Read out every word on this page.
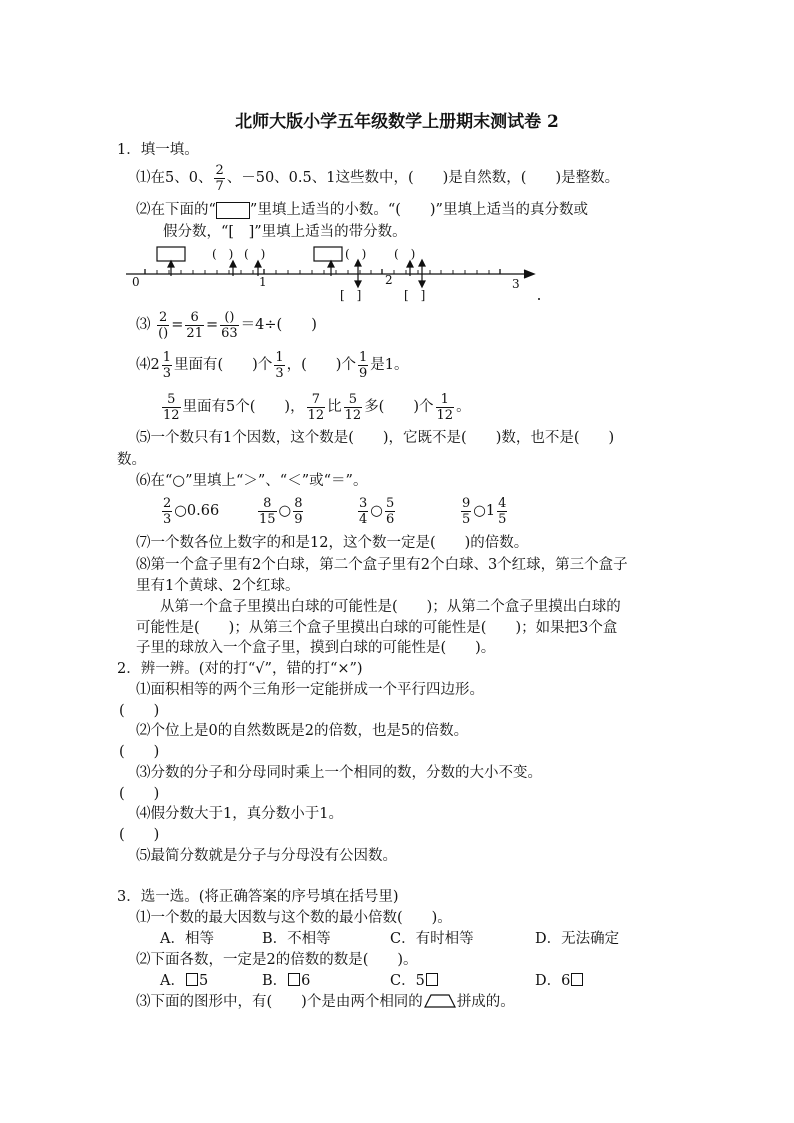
北师大版小学五年级数学上册期末测试卷 2
1．填一填。
⑴在5、0、 $\frac{2}{7}$ 、－50、0.5、1这些数中，(　　)是自然数，(　　)是整数。
⑵在下面的“ ”里填上适当的小数。“(　　)”里填上适当的真分数或
假分数，“[　]”里填上适当的带分数。
0	1	2	3
(　) (　)	(　) (　)
[　]	[　]
⑶ $\frac{2}{()} = \frac{6}{21} = \frac{()}{63} =4\div$(　　)
⑷2 $\frac{1}{3}$ 里面有(　　)个 $\frac{1}{3}$ ，(　　)个 $\frac{1}{9}$ 是1。
$\frac{5}{12}$ 里面有5个(　　)， $\frac{7}{12}$ 比 $\frac{5}{12}$ 多(　　)个 $\frac{1}{12}$ 。
⑸一个数只有1个因数，这个数是(　　)，它既不是(　　)数，也不是(　　)
数。
⑹在“○”里填上“＞”、“＜”或“＝”。
$\frac{2}{3}$ ○0.66	$\frac{8}{15}$ ○ $\frac{8}{9}$	$\frac{3}{4}$ ○ $\frac{5}{6}$	$\frac{9}{5}$ ○1 $\frac{4}{5}$
⑺一个数各位上数字的和是12，这个数一定是(　　)的倍数。
⑻第一个盒子里有2个白球，第二个盒子里有2个白球、3个红球，第三个盒子
里有1个黄球、2个红球。
从第一个盒子里摸出白球的可能性是(　　)；从第二个盒子里摸出白球的
可能性是(　　)；从第三个盒子里摸出白球的可能性是(　　)；如果把3个盒
子里的球放入一个盒子里，摸到白球的可能性是(　　)。
2．辨一辨。(对的打“√”，错的打“×”)
⑴面积相等的两个三角形一定能拼成一个平行四边形。
(　　)
⑵个位上是0的自然数既是2的倍数，也是5的倍数。
(　　)
⑶分数的分子和分母同时乘上一个相同的数，分数的大小不变。
(　　)
⑷假分数大于1，真分数小于1。
(　　)
⑸最简分数就是分子与分母没有公因数。
3．选一选。(将正确答案的序号填在括号里)
⑴一个数的最大因数与这个数的最小倍数(　　)。
A．相等	B．不相等	C．有时相等	D．无法确定
⑵下面各数，一定是2的倍数的数是(　　)。
A． 5	B． 6	C．5	D．6
⑶下面的图形中，有(　　)个是由两个相同的 拼成的。
